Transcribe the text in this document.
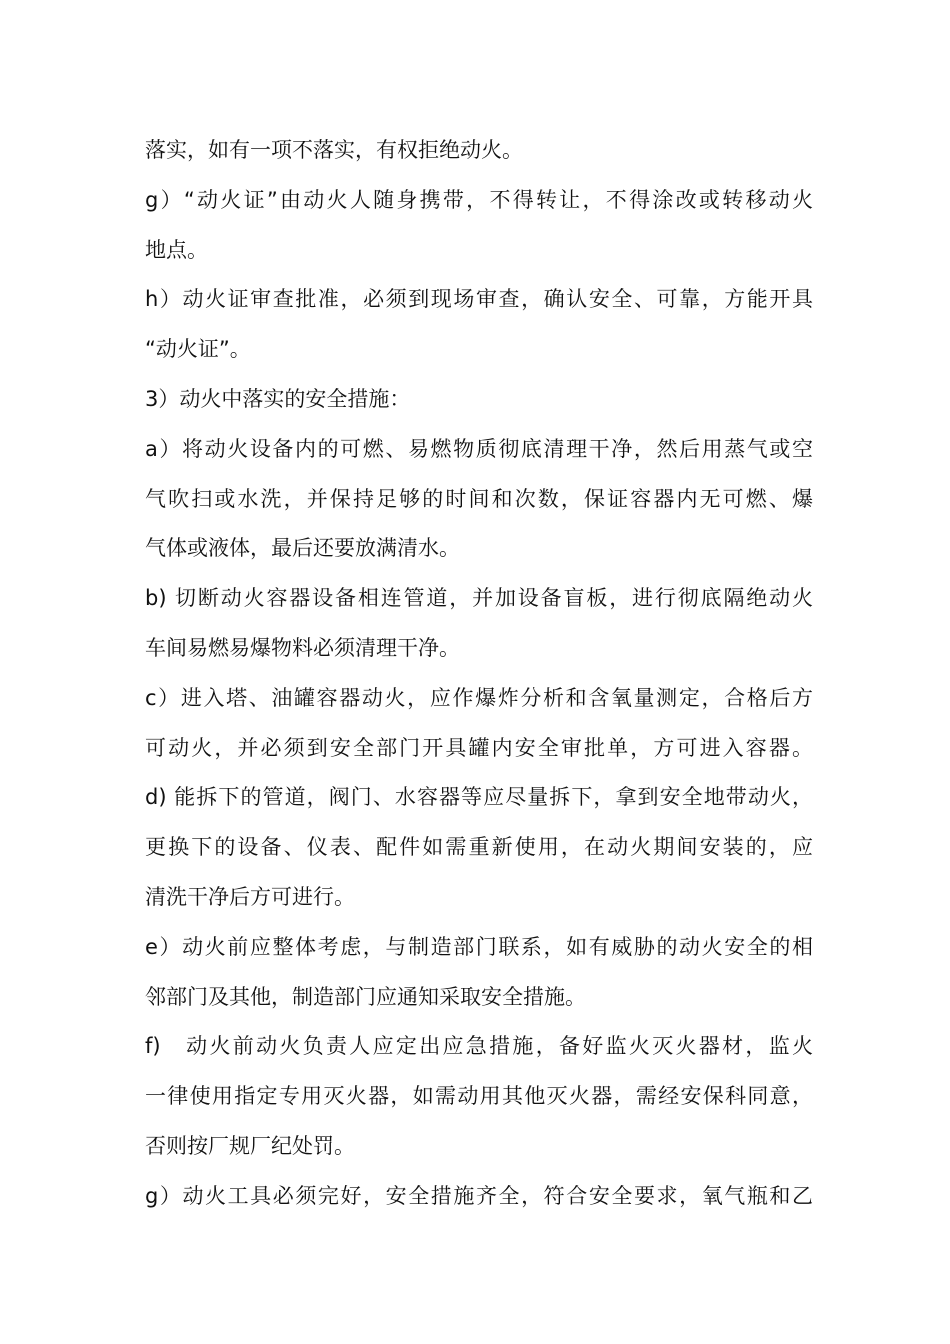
落实，如有一项不落实，有权拒绝动火。
g）“动火证”由动火人随身携带，不得转让，不得涂改或转移动火
地点。
h）动火证审查批准，必须到现场审查，确认安全、可靠，方能开具
“动火证”。
3）动火中落实的安全措施：
a）将动火设备内的可燃、易燃物质彻底清理干净，然后用蒸气或空
气吹扫或水洗，并保持足够的时间和次数，保证容器内无可燃、爆
气体或液体，最后还要放满清水。
b) 切断动火容器设备相连管道，并加设备盲板，进行彻底隔绝动火
车间易燃易爆物料必须清理干净。
c）进入塔、油罐容器动火，应作爆炸分析和含氧量测定，合格后方
可动火，并必须到安全部门开具罐内安全审批单，方可进入容器。
d) 能拆下的管道，阀门、水容器等应尽量拆下，拿到安全地带动火，
更换下的设备、仪表、配件如需重新使用，在动火期间安装的，应
清洗干净后方可进行。
e）动火前应整体考虑，与制造部门联系，如有威胁的动火安全的相
邻部门及其他，制造部门应通知采取安全措施。
f)　动火前动火负责人应定出应急措施，备好监火灭火器材，监火
一律使用指定专用灭火器，如需动用其他灭火器，需经安保科同意，
否则按厂规厂纪处罚。
g）动火工具必须完好，安全措施齐全，符合安全要求，氧气瓶和乙
